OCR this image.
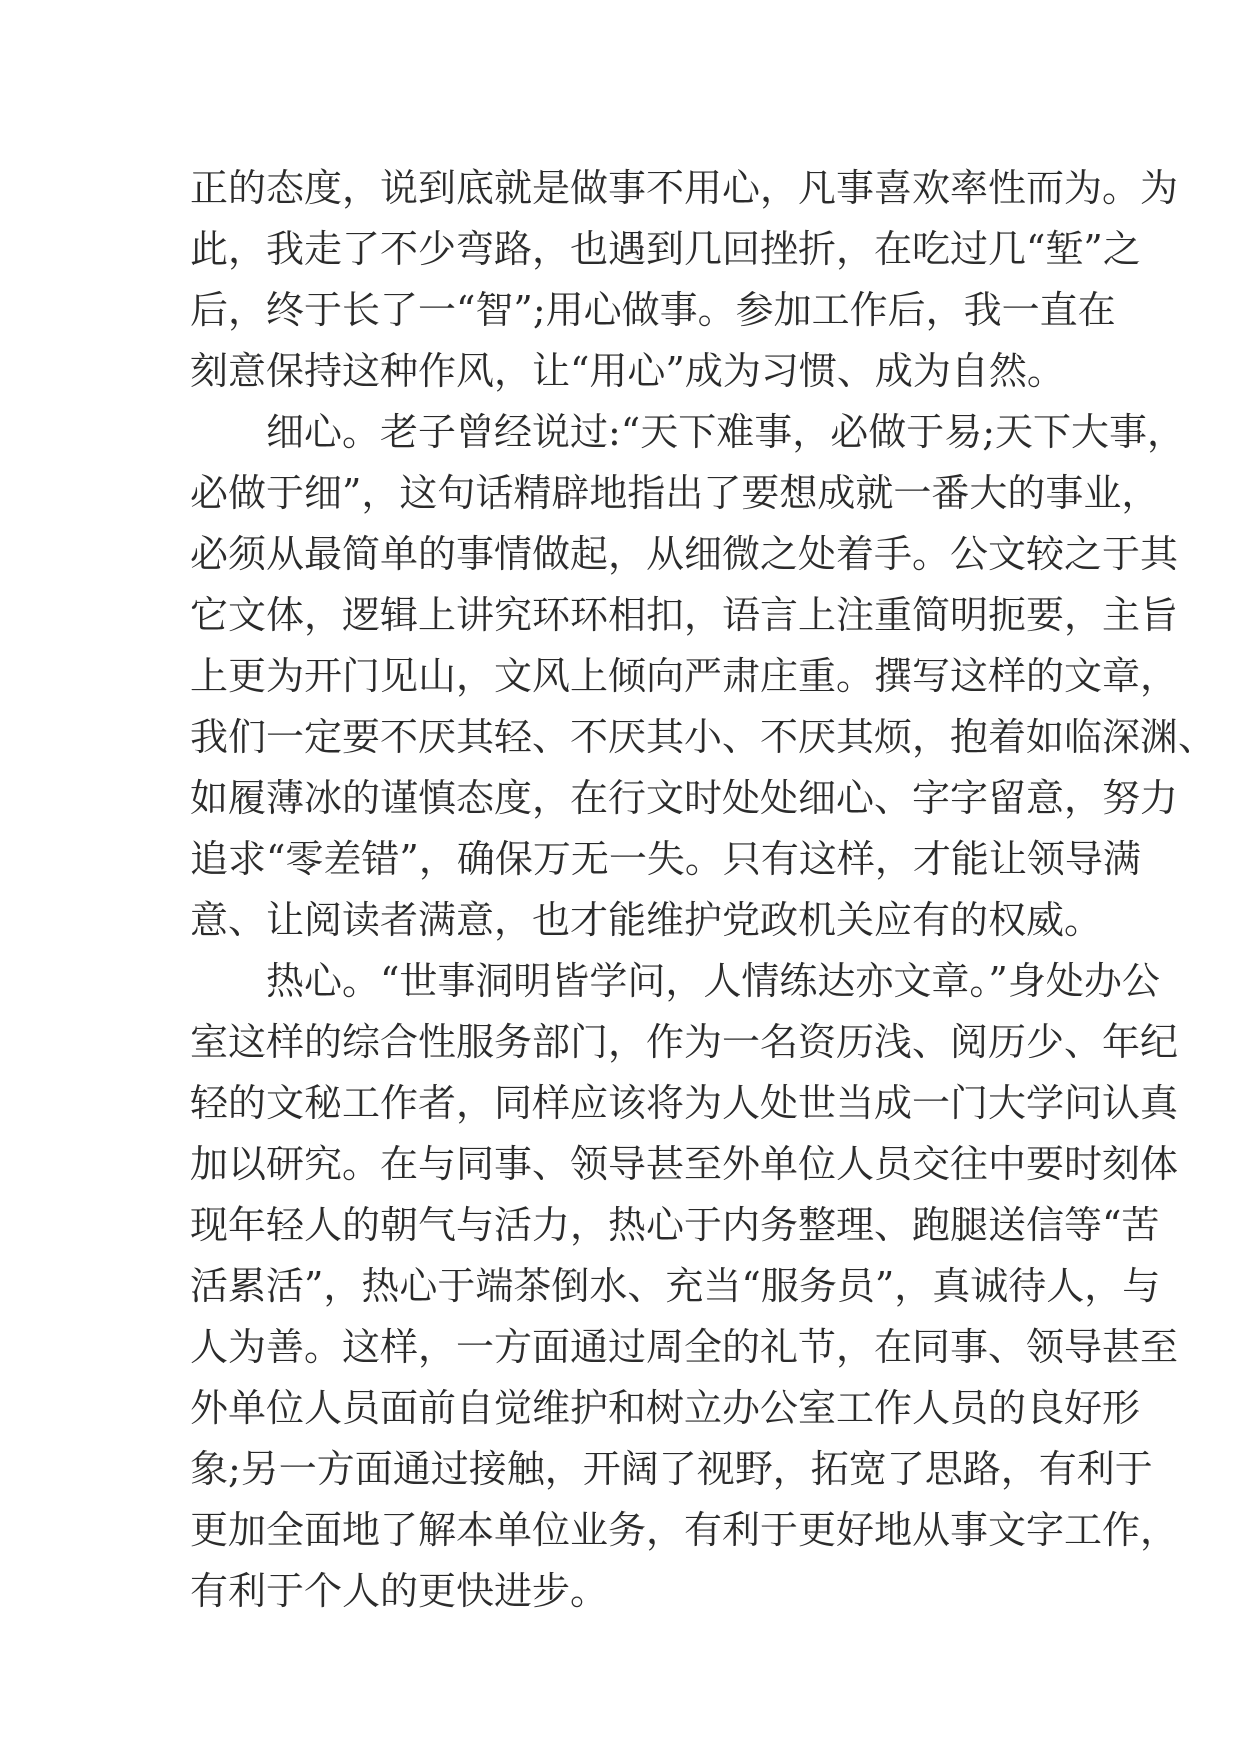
正的态度，说到底就是做事不用心，凡事喜欢率性而为。为
此，我走了不少弯路，也遇到几回挫折，在吃过几“堑”之
后，终于长了一“智”;用心做事。参加工作后，我一直在
刻意保持这种作风，让“用心”成为习惯、成为自然。
　　细心。老子曾经说过:“天下难事，必做于易;天下大事，
必做于细”，这句话精辟地指出了要想成就一番大的事业，
必须从最简单的事情做起，从细微之处着手。公文较之于其
它文体，逻辑上讲究环环相扣，语言上注重简明扼要，主旨
上更为开门见山，文风上倾向严肃庄重。撰写这样的文章，
我们一定要不厌其轻、不厌其小、不厌其烦，抱着如临深渊、
如履薄冰的谨慎态度，在行文时处处细心、字字留意，努力
追求“零差错”，确保万无一失。只有这样，才能让领导满
意、让阅读者满意，也才能维护党政机关应有的权威。
　　热心。“世事洞明皆学问，人情练达亦文章。”身处办公
室这样的综合性服务部门，作为一名资历浅、阅历少、年纪
轻的文秘工作者，同样应该将为人处世当成一门大学问认真
加以研究。在与同事、领导甚至外单位人员交往中要时刻体
现年轻人的朝气与活力，热心于内务整理、跑腿送信等“苦
活累活”，热心于端茶倒水、充当“服务员”，真诚待人，与
人为善。这样，一方面通过周全的礼节，在同事、领导甚至
外单位人员面前自觉维护和树立办公室工作人员的良好形
象;另一方面通过接触，开阔了视野，拓宽了思路，有利于
更加全面地了解本单位业务，有利于更好地从事文字工作，
有利于个人的更快进步。
